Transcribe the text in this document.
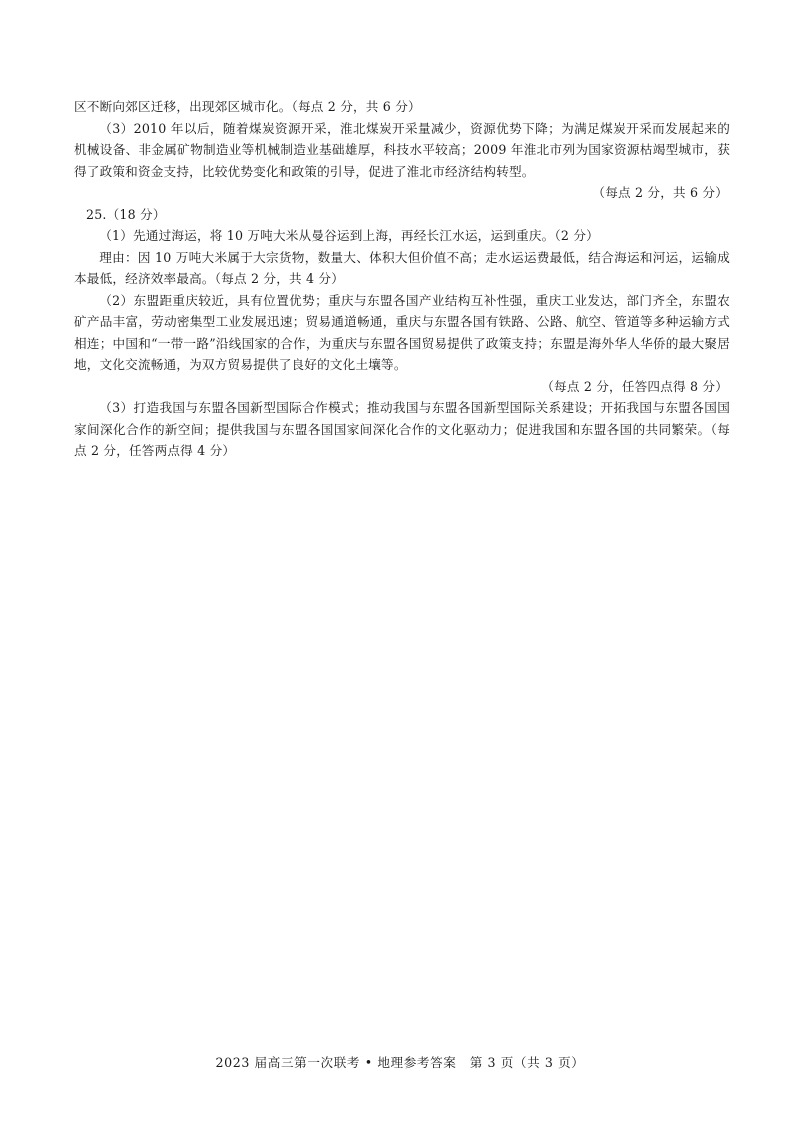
区不断向郊区迁移，出现郊区城市化。（每点 2 分，共 6 分）

（3）2010 年以后，随着煤炭资源开采，淮北煤炭开采量减少，资源优势下降；为满足煤炭开采而发展起来的机械设备、非金属矿物制造业等机械制造业基础雄厚，科技水平较高；2009 年淮北市列为国家资源枯竭型城市，获得了政策和资金支持，比较优势变化和政策的引导，促进了淮北市经济结构转型。

（每点 2 分，共 6 分）

25.（18 分）

（1）先通过海运，将 10 万吨大米从曼谷运到上海，再经长江水运，运到重庆。（2 分）

理由：因 10 万吨大米属于大宗货物，数量大、体积大但价值不高；走水运运费最低，结合海运和河运，运输成本最低，经济效率最高。（每点 2 分，共 4 分）

（2）东盟距重庆较近，具有位置优势；重庆与东盟各国产业结构互补性强，重庆工业发达，部门齐全，东盟农矿产品丰富，劳动密集型工业发展迅速；贸易通道畅通，重庆与东盟各国有铁路、公路、航空、管道等多种运输方式相连；中国和“一带一路”沿线国家的合作，为重庆与东盟各国贸易提供了政策支持；东盟是海外华人华侨的最大聚居地，文化交流畅通，为双方贸易提供了良好的文化土壤等。

（每点 2 分，任答四点得 8 分）

（3）打造我国与东盟各国新型国际合作模式；推动我国与东盟各国新型国际关系建设；开拓我国与东盟各国国家间深化合作的新空间；提供我国与东盟各国国家间深化合作的文化驱动力；促进我国和东盟各国的共同繁荣。（每点 2 分，任答两点得 4 分）

2023 届高三第一次联考 • 地理参考答案　第 3 页（共 3 页）
